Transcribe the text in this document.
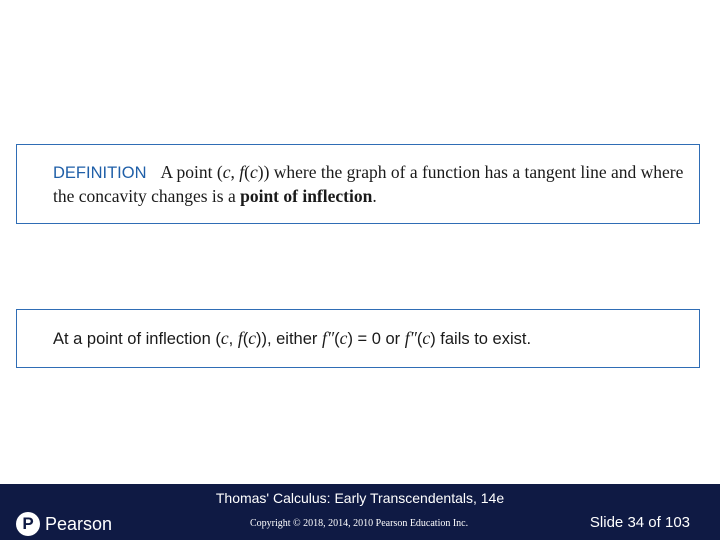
DEFINITION A point (c, f(c)) where the graph of a function has a tangent line and where the concavity changes is a point of inflection.
At a point of inflection (c, f(c)), either f″(c) = 0 or f″(c) fails to exist.
Thomas' Calculus: Early Transcendentals, 14e
P Pearson	Copyright © 2018, 2014, 2010 Pearson Education Inc.	Slide 34 of 103
